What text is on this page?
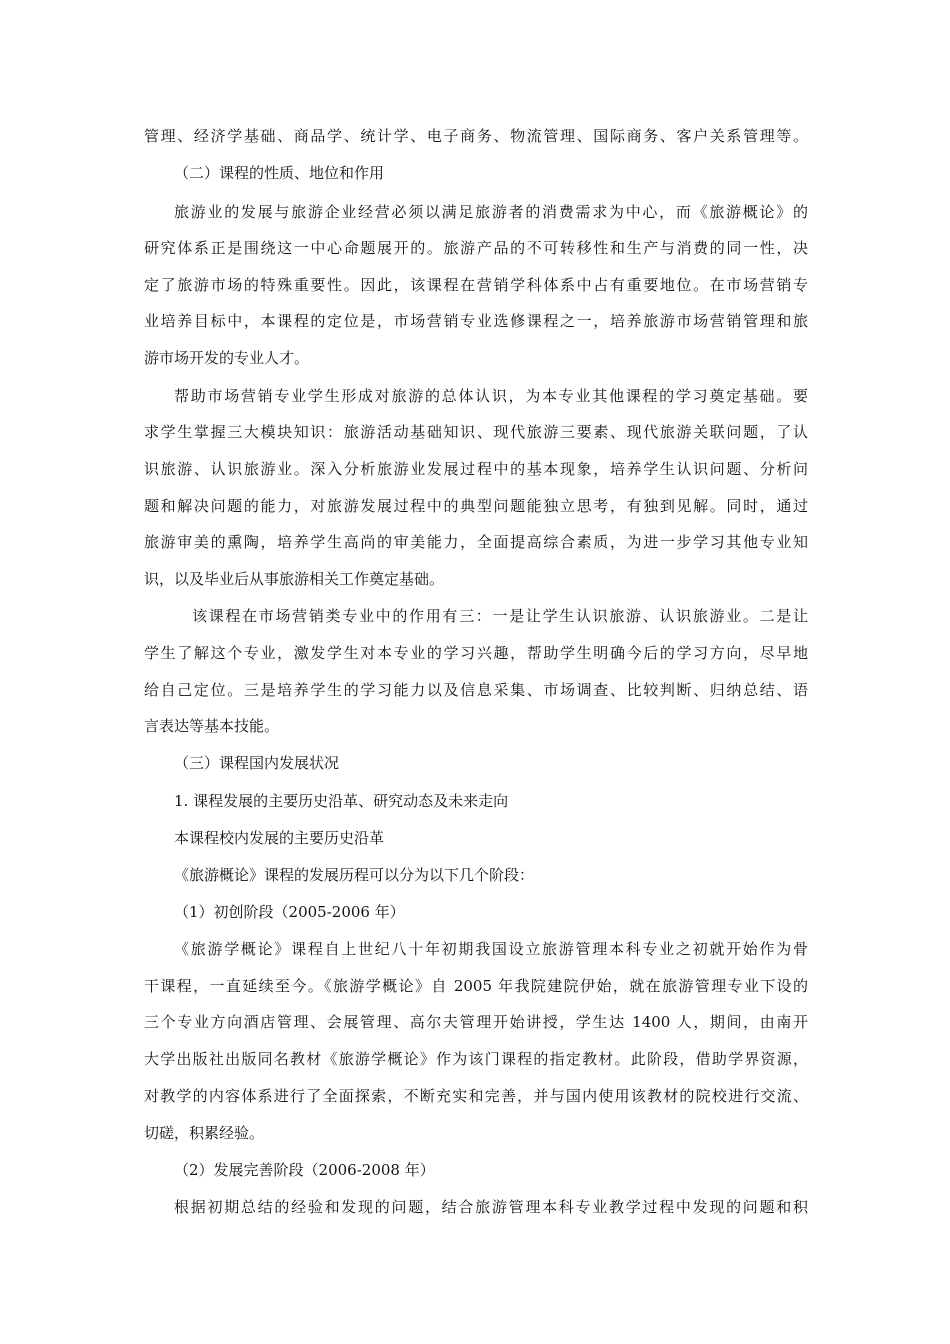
管理、经济学基础、商品学、统计学、电子商务、物流管理、国际商务、客户关系管理等。
（二）课程的性质、地位和作用
旅游业的发展与旅游企业经营必须以满足旅游者的消费需求为中心，而《旅游概论》的
研究体系正是围绕这一中心命题展开的。旅游产品的不可转移性和生产与消费的同一性，决
定了旅游市场的特殊重要性。因此，该课程在营销学科体系中占有重要地位。在市场营销专
业培养目标中，本课程的定位是，市场营销专业选修课程之一，培养旅游市场营销管理和旅
游市场开发的专业人才。
帮助市场营销专业学生形成对旅游的总体认识，为本专业其他课程的学习奠定基础。要
求学生掌握三大模块知识：旅游活动基础知识、现代旅游三要素、现代旅游关联问题，了认
识旅游、认识旅游业。深入分析旅游业发展过程中的基本现象，培养学生认识问题、分析问
题和解决问题的能力，对旅游发展过程中的典型问题能独立思考，有独到见解。同时，通过
旅游审美的熏陶，培养学生高尚的审美能力，全面提高综合素质，为进一步学习其他专业知
识，以及毕业后从事旅游相关工作奠定基础。
该课程在市场营销类专业中的作用有三：一是让学生认识旅游、认识旅游业。二是让
学生了解这个专业，激发学生对本专业的学习兴趣，帮助学生明确今后的学习方向，尽早地
给自己定位。三是培养学生的学习能力以及信息采集、市场调查、比较判断、归纳总结、语
言表达等基本技能。
（三）课程国内发展状况
1. 课程发展的主要历史沿革、研究动态及未来走向
本课程校内发展的主要历史沿革
《旅游概论》课程的发展历程可以分为以下几个阶段：
（1）初创阶段（2005-2006 年）
《旅游学概论》课程自上世纪八十年初期我国设立旅游管理本科专业之初就开始作为骨
干课程，一直延续至今。《旅游学概论》自 2005 年我院建院伊始，就在旅游管理专业下设的
三个专业方向酒店管理、会展管理、高尔夫管理开始讲授，学生达 1400 人，期间，由南开
大学出版社出版同名教材《旅游学概论》作为该门课程的指定教材。此阶段，借助学界资源，
对教学的内容体系进行了全面探索，不断充实和完善，并与国内使用该教材的院校进行交流、
切磋，积累经验。
（2）发展完善阶段（2006-2008 年）
根据初期总结的经验和发现的问题，结合旅游管理本科专业教学过程中发现的问题和积
